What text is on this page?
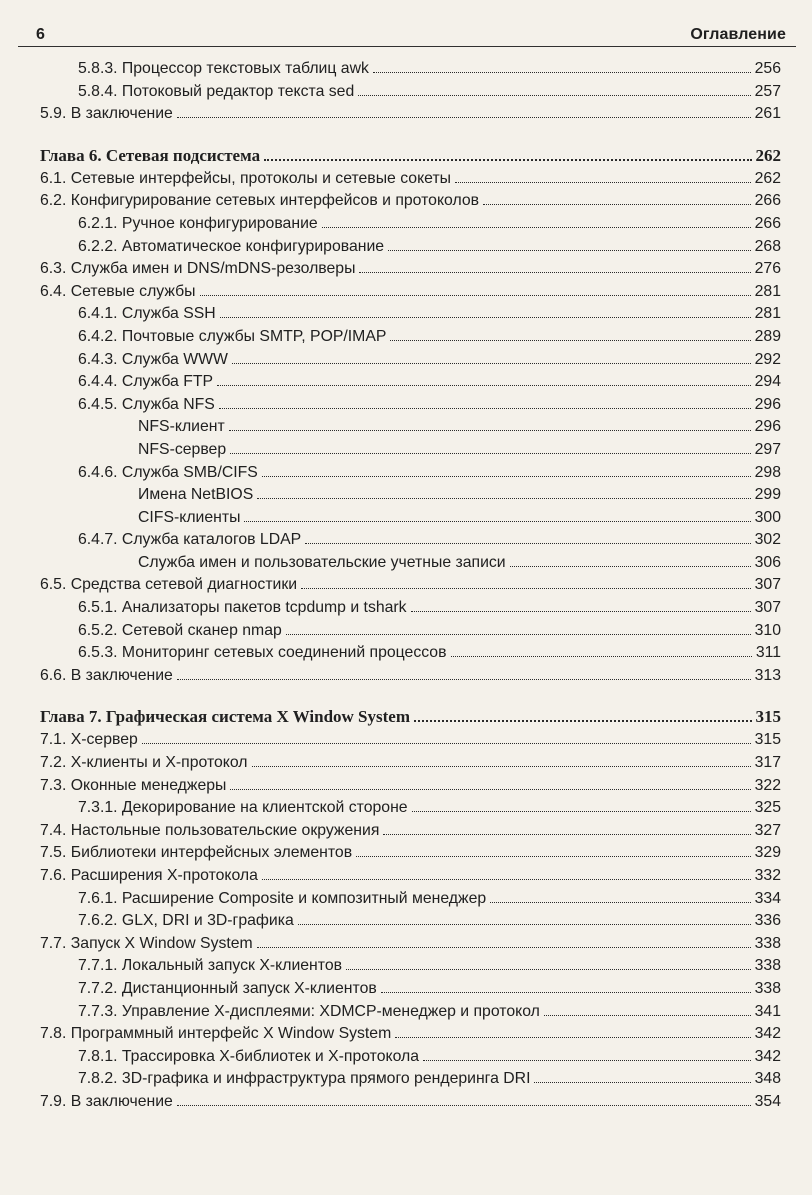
6	Оглавление
5.8.3. Процессор текстовых таблиц awk	256
5.8.4. Потоковый редактор текста sed	257
5.9. В заключение	261
Глава 6. Сетевая подсистема	262
6.1. Сетевые интерфейсы, протоколы и сетевые сокеты	262
6.2. Конфигурирование сетевых интерфейсов и протоколов	266
6.2.1. Ручное конфигурирование	266
6.2.2. Автоматическое конфигурирование	268
6.3. Служба имен и DNS/mDNS-резолверы	276
6.4. Сетевые службы	281
6.4.1. Служба SSH	281
6.4.2. Почтовые службы SMTP, POP/IMAP	289
6.4.3. Служба WWW	292
6.4.4. Служба FTP	294
6.4.5. Служба NFS	296
NFS-клиент	296
NFS-сервер	297
6.4.6. Служба SMB/CIFS	298
Имена NetBIOS	299
CIFS-клиенты	300
6.4.7. Служба каталогов LDAP	302
Служба имен и пользовательские учетные записи	306
6.5. Средства сетевой диагностики	307
6.5.1. Анализаторы пакетов tcpdump и tshark	307
6.5.2. Сетевой сканер nmap	310
6.5.3. Мониторинг сетевых соединений процессов	311
6.6. В заключение	313
Глава 7. Графическая система X Window System	315
7.1. Х-сервер	315
7.2. Х-клиенты и Х-протокол	317
7.3. Оконные менеджеры	322
7.3.1. Декорирование на клиентской стороне	325
7.4. Настольные пользовательские окружения	327
7.5. Библиотеки интерфейсных элементов	329
7.6. Расширения Х-протокола	332
7.6.1. Расширение Composite и композитный менеджер	334
7.6.2. GLX, DRI и 3D-графика	336
7.7. Запуск X Window System	338
7.7.1. Локальный запуск Х-клиентов	338
7.7.2. Дистанционный запуск Х-клиентов	338
7.7.3. Управление Х-дисплеями: XDMCP-менеджер и протокол	341
7.8. Программный интерфейс X Window System	342
7.8.1. Трассировка Х-библиотек и Х-протокола	342
7.8.2. 3D-графика и инфраструктура прямого рендеринга DRI	348
7.9. В заключение	354
